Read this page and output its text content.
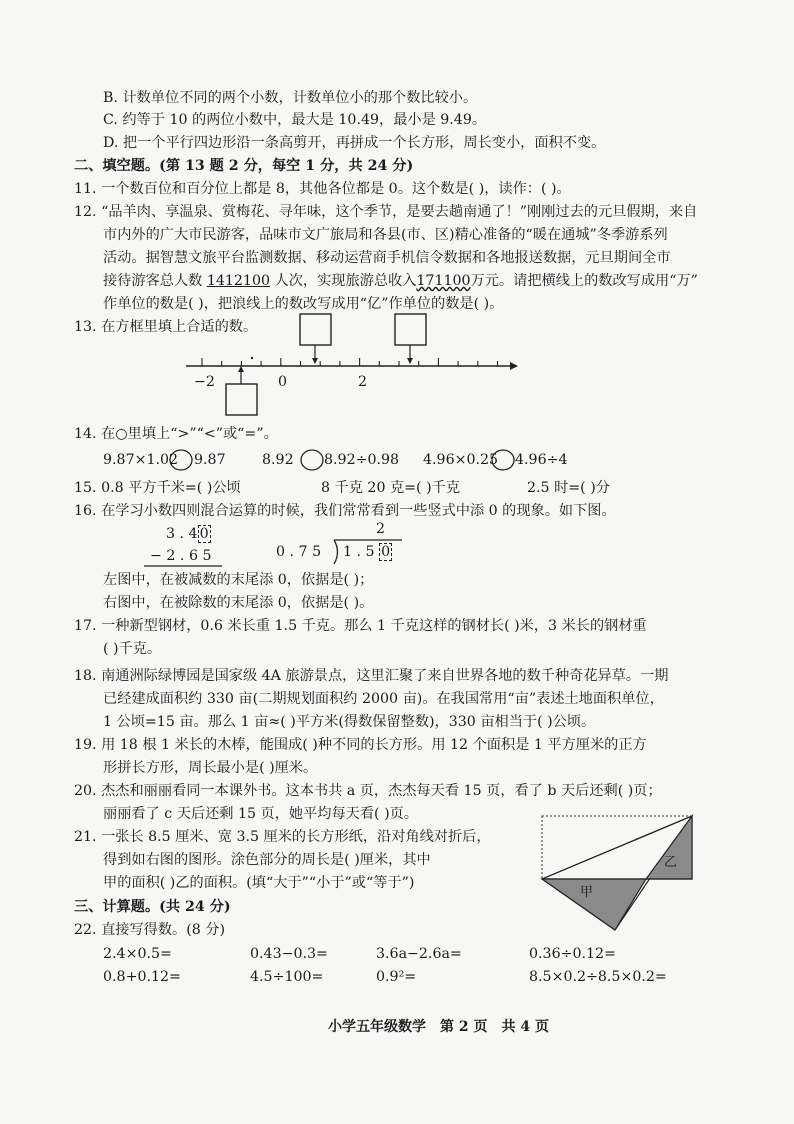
B. 计数单位不同的两个小数，计数单位小的那个数比较小。
C. 约等于 10 的两位小数中，最大是 10.49，最小是 9.49。
D. 把一个平行四边形沿一条高剪开，再拼成一个长方形，周长变小，面积不变。
二、填空题。(第 13 题 2 分，每空 1 分，共 24 分)
11. 一个数百位和百分位上都是 8，其他各位都是 0。这个数是( )，读作：( )。
12. “品羊肉、享温泉、赏梅花、寻年味，这个季节，是要去趟南通了！”刚刚过去的元旦假期，来自
市内外的广大市民游客，品味市文广旅局和各县(市、区)精心准备的“暖在通城”冬季游系列
活动。据智慧文旅平台监测数据、移动运营商手机信令数据和各地报送数据，元旦期间全市
接待游客总人数 1412100 人次，实现旅游总收入171100万元。请把横线上的数改写成用“万”
作单位的数是( )，把浪线上的数改写成用“亿”作单位的数是( )。
13. 在方框里填上合适的数。
−2	0	2
14. 在○里填上“>”“<”或“=”。
9.87×1.02 9.87	8.92 8.92÷0.98 4.96×0.25 4.96÷4
15. 0.8 平方千米=( )公顷	8 千克 20 克=( )千克	2.5 时=( )分
16. 在学习小数四则混合运算的时候，我们常常看到一些竖式中添 0 的现象。如下图。
3 . 4 0
− 2 . 6 5
2
0 . 7 5 1 . 5 0
左图中，在被减数的末尾添 0，依据是( )；
右图中，在被除数的末尾添 0，依据是( )。
17. 一种新型钢材，0.6 米长重 1.5 千克。那么 1 千克这样的钢材长( )米，3 米长的钢材重
( )千克。
18. 南通洲际绿博园是国家级 4A 旅游景点，这里汇聚了来自世界各地的数千种奇花异草。一期
已经建成面积约 330 亩(二期规划面积约 2000 亩)。在我国常用“亩”表述土地面积单位，
1 公顷=15 亩。那么 1 亩≈( )平方米(得数保留整数)，330 亩相当于( )公顷。
19. 用 18 根 1 米长的木棒，能围成( )种不同的长方形。用 12 个面积是 1 平方厘米的正方
形拼长方形，周长最小是( )厘米。
20. 杰杰和丽丽看同一本课外书。这本书共 a 页，杰杰每天看 15 页，看了 b 天后还剩( )页；
丽丽看了 c 天后还剩 15 页，她平均每天看( )页。
21. 一张长 8.5 厘米、宽 3.5 厘米的长方形纸，沿对角线对折后，
得到如右图的图形。涂色部分的周长是( )厘米，其中
甲的面积( )乙的面积。(填“大于”“小于”或“等于”)
甲
乙
三、计算题。(共 24 分)
22. 直接写得数。(8 分)
2.4×0.5=	0.43−0.3=	3.6a−2.6a=	0.36÷0.12=
0.8+0.12=	4.5÷100=	0.9²=	8.5×0.2÷8.5×0.2=
小学五年级数学　第 2 页　共 4 页
